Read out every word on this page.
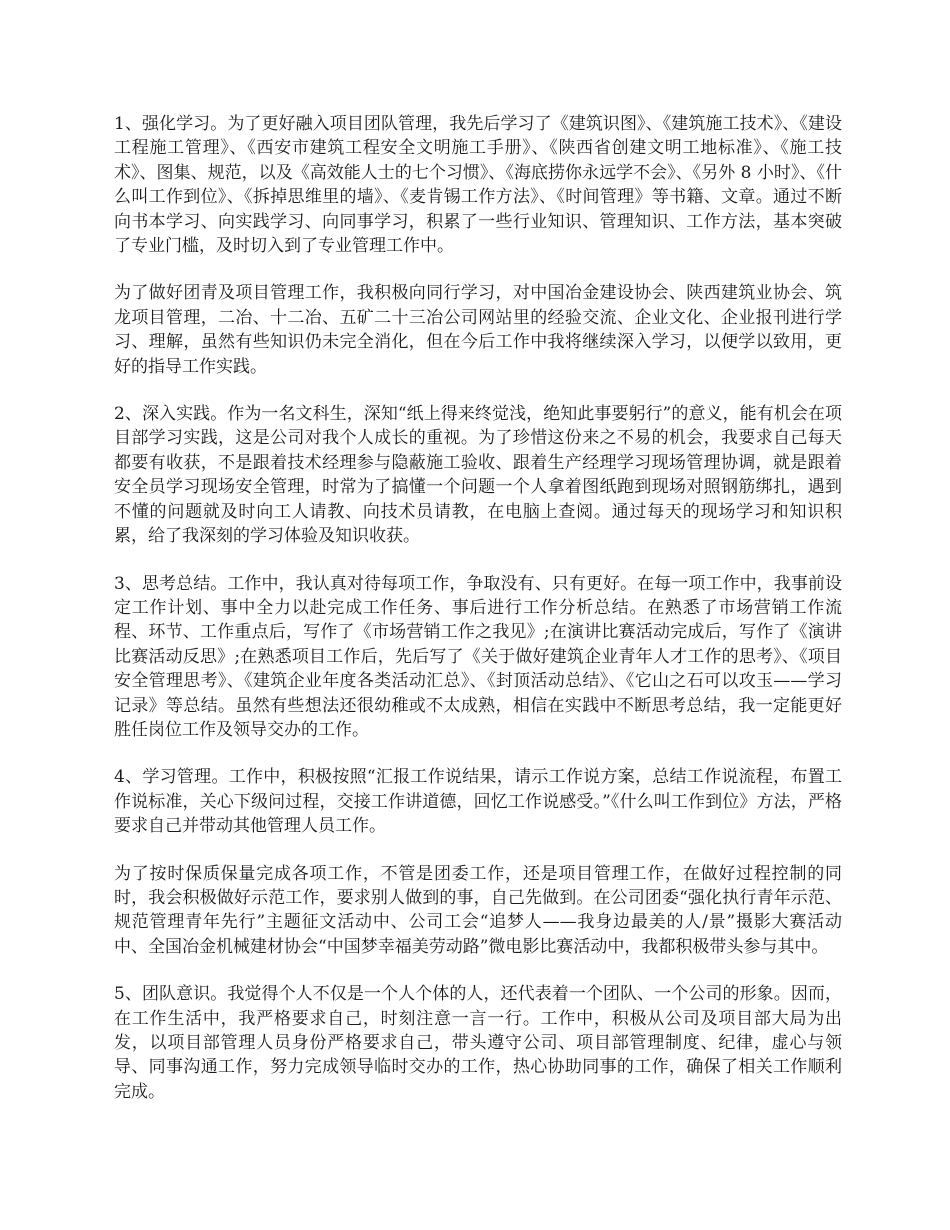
1、强化学习。为了更好融入项目团队管理，我先后学习了《建筑识图》、《建筑施工技术》、《建设工程施工管理》、《西安市建筑工程安全文明施工手册》、《陕西省创建文明工地标准》、《施工技术》、图集、规范，以及《高效能人士的七个习惯》、《海底捞你永远学不会》、《另外 8 小时》、《什么叫工作到位》、《拆掉思维里的墙》、《麦肯锡工作方法》、《时间管理》等书籍、文章。通过不断向书本学习、向实践学习、向同事学习，积累了一些行业知识、管理知识、工作方法，基本突破了专业门槛，及时切入到了专业管理工作中。

为了做好团青及项目管理工作，我积极向同行学习，对中国冶金建设协会、陕西建筑业协会、筑龙项目管理，二冶、十二冶、五矿二十三冶公司网站里的经验交流、企业文化、企业报刊进行学习、理解，虽然有些知识仍未完全消化，但在今后工作中我将继续深入学习，以便学以致用，更好的指导工作实践。

2、深入实践。作为一名文科生，深知“纸上得来终觉浅，绝知此事要躬行”的意义，能有机会在项目部学习实践，这是公司对我个人成长的重视。为了珍惜这份来之不易的机会，我要求自己每天都要有收获，不是跟着技术经理参与隐蔽施工验收、跟着生产经理学习现场管理协调，就是跟着安全员学习现场安全管理，时常为了搞懂一个问题一个人拿着图纸跑到现场对照钢筋绑扎，遇到不懂的问题就及时向工人请教、向技术员请教，在电脑上查阅。通过每天的现场学习和知识积累，给了我深刻的学习体验及知识收获。

3、思考总结。工作中，我认真对待每项工作，争取没有、只有更好。在每一项工作中，我事前设定工作计划、事中全力以赴完成工作任务、事后进行工作分析总结。在熟悉了市场营销工作流程、环节、工作重点后，写作了《市场营销工作之我见》;在演讲比赛活动完成后，写作了《演讲比赛活动反思》;在熟悉项目工作后，先后写了《关于做好建筑企业青年人才工作的思考》、《项目安全管理思考》、《建筑企业年度各类活动汇总》、《封顶活动总结》、《它山之石可以攻玉——学习记录》等总结。虽然有些想法还很幼稚或不太成熟，相信在实践中不断思考总结，我一定能更好胜任岗位工作及领导交办的工作。

4、学习管理。工作中，积极按照“汇报工作说结果，请示工作说方案，总结工作说流程，布置工作说标准，关心下级问过程，交接工作讲道德，回忆工作说感受。”《什么叫工作到位》方法，严格要求自己并带动其他管理人员工作。

为了按时保质保量完成各项工作，不管是团委工作，还是项目管理工作，在做好过程控制的同时，我会积极做好示范工作，要求别人做到的事，自己先做到。在公司团委“强化执行青年示范、规范管理青年先行”主题征文活动中、公司工会“追梦人——我身边最美的人/景”摄影大赛活动中、全国冶金机械建材协会“中国梦幸福美劳动路”微电影比赛活动中，我都积极带头参与其中。

5、团队意识。我觉得个人不仅是一个人个体的人，还代表着一个团队、一个公司的形象。因而，在工作生活中，我严格要求自己，时刻注意一言一行。工作中，积极从公司及项目部大局为出发，以项目部管理人员身份严格要求自己，带头遵守公司、项目部管理制度、纪律，虚心与领导、同事沟通工作，努力完成领导临时交办的工作，热心协助同事的工作，确保了相关工作顺利完成。
